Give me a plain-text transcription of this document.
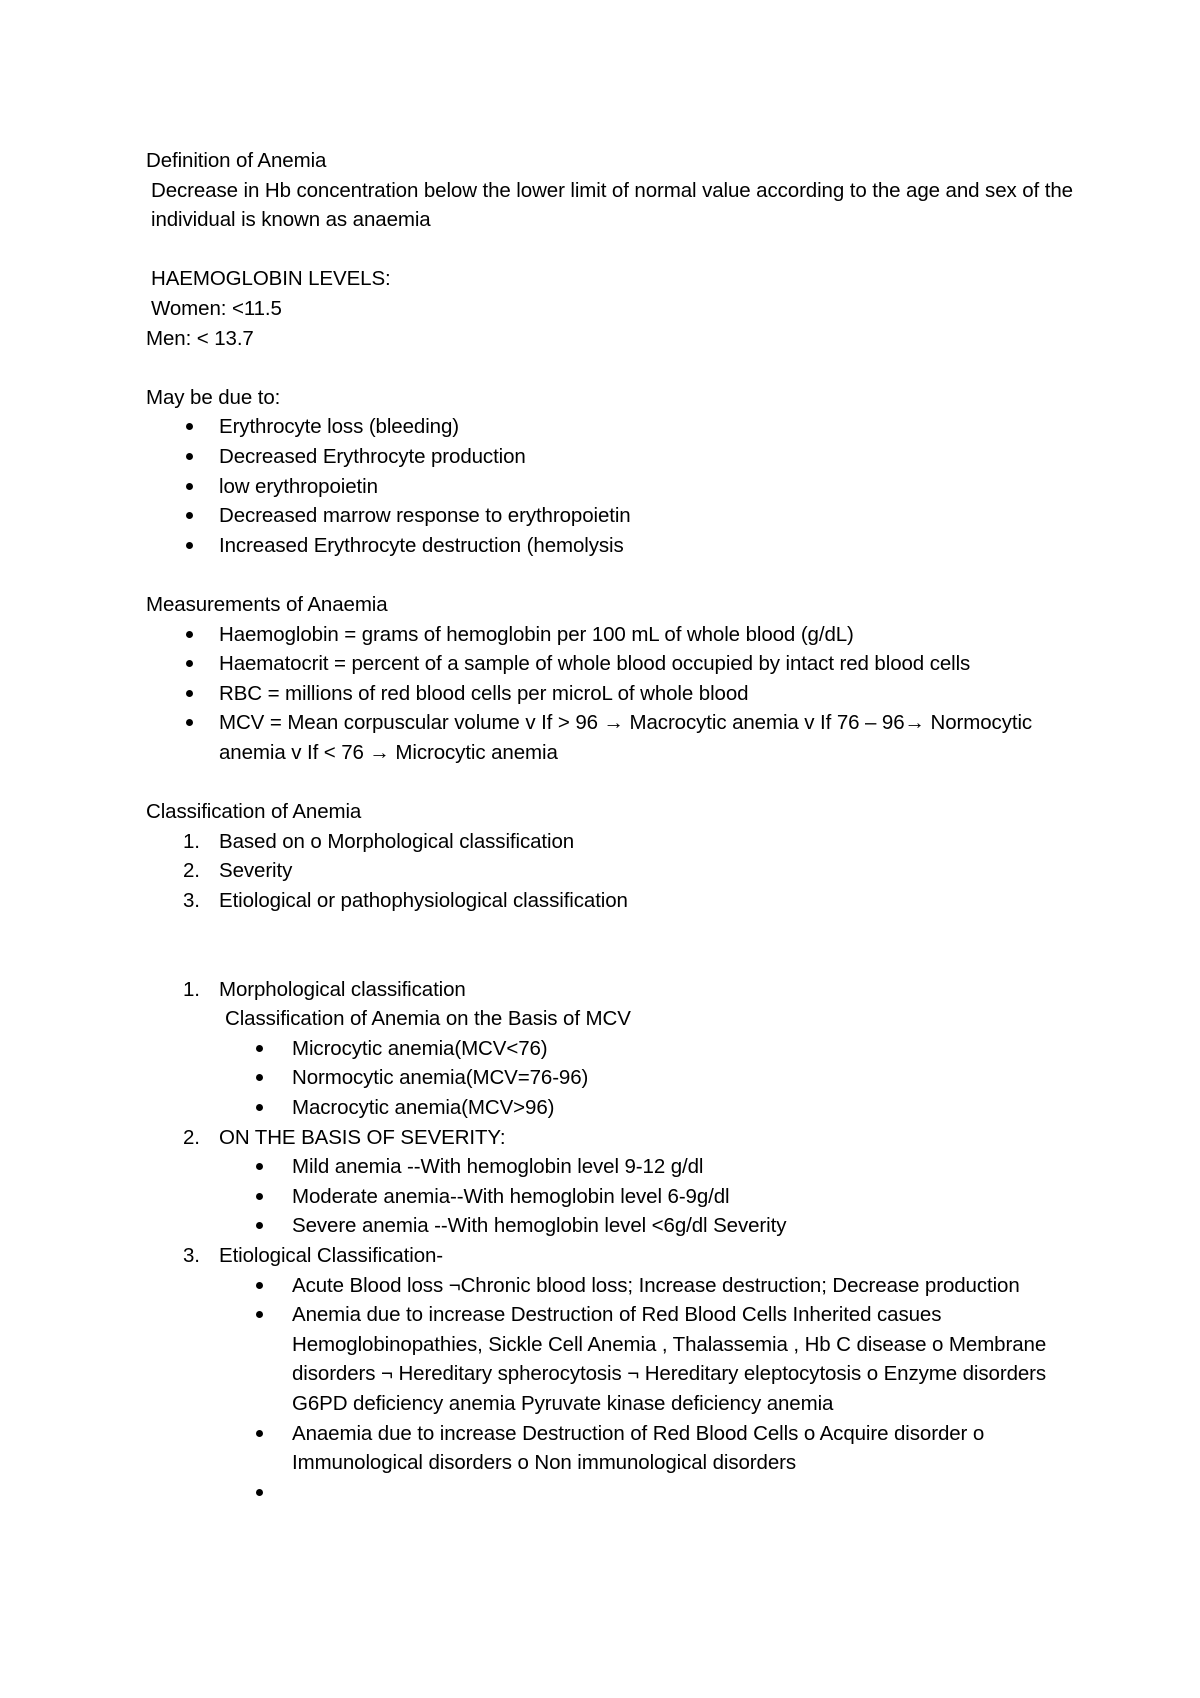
Definition of Anemia

Decrease in Hb concentration below the lower limit of normal value according to the age and sex of the individual is known as anaemia

HAEMOGLOBIN LEVELS:

Women: <11.5

Men: < 13.7

May be due to:

Erythrocyte loss (bleeding)
Decreased Erythrocyte production
low erythropoietin
Decreased marrow response to erythropoietin
Increased Erythrocyte destruction (hemolysis

Measurements of Anaemia

Haemoglobin = grams of hemoglobin per 100 mL of whole blood (g/dL)
Haematocrit = percent of a sample of whole blood occupied by intact red blood cells
RBC = millions of red blood cells per microL of whole blood
MCV = Mean corpuscular volume v If > 96 → Macrocytic anemia v If 76 – 96→ Normocytic anemia v If < 76 → Microcytic anemia

Classification of Anemia

1. Based on o Morphological classification
2. Severity
3. Etiological or pathophysiological classification
1. Morphological classification
Classification of Anemia on the Basis of MCV
Microcytic anemia(MCV<76)
Normocytic anemia(MCV=76-96)
Macrocytic anemia(MCV>96)
2. ON THE BASIS OF SEVERITY:
Mild anemia --With hemoglobin level 9-12 g/dl
Moderate anemia--With hemoglobin level 6-9g/dl
Severe anemia --With hemoglobin level <6g/dl Severity
3. Etiological Classification-
Acute Blood loss ¬Chronic blood loss; Increase destruction; Decrease production
Anemia due to increase Destruction of Red Blood Cells Inherited casues Hemoglobinopathies, Sickle Cell Anemia , Thalassemia , Hb C disease o Membrane disorders ¬ Hereditary spherocytosis ¬ Hereditary eleptocytosis o Enzyme disorders G6PD deficiency anemia Pyruvate kinase deficiency anemia
Anaemia due to increase Destruction of Red Blood Cells o Acquire disorder o Immunological disorders o Non immunological disorders
